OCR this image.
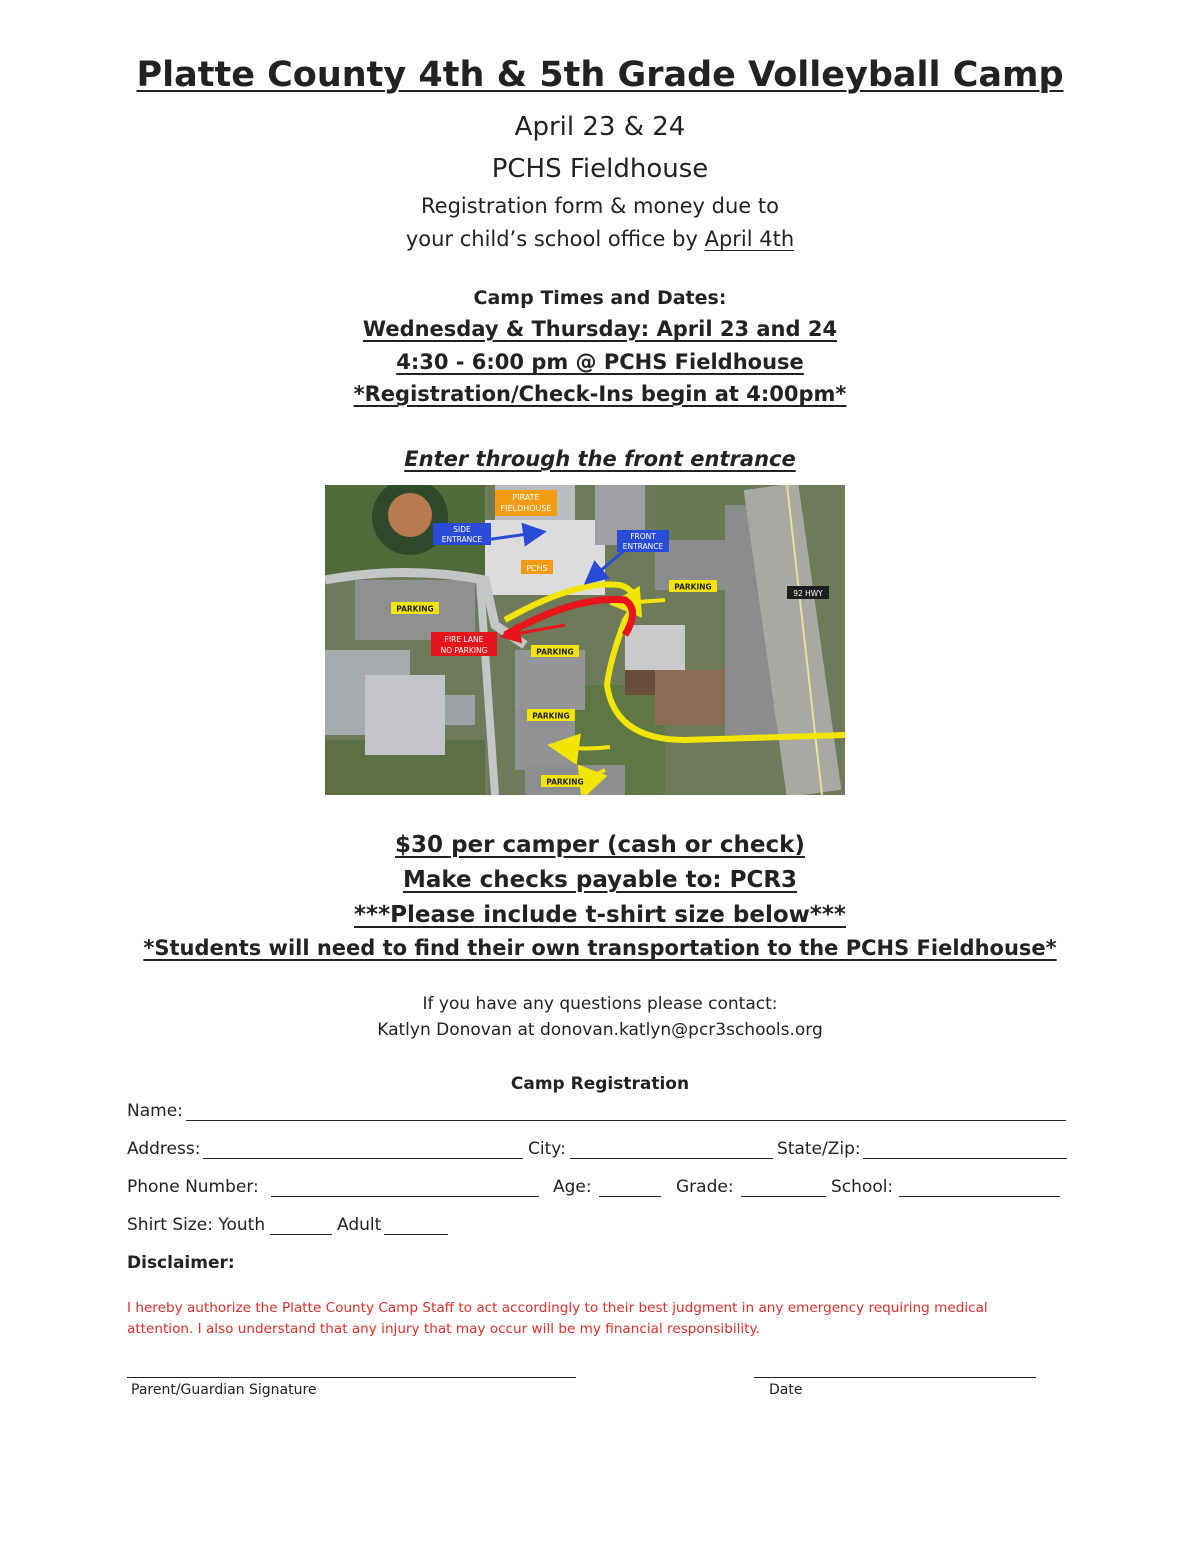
Platte County 4th & 5th Grade Volleyball Camp
April 23 & 24
PCHS Fieldhouse
Registration form & money due to
your child’s school office by April 4th
Camp Times and Dates:
Wednesday & Thursday: April 23 and 24
4:30 - 6:00 pm @ PCHS Fieldhouse
*Registration/Check-Ins begin at 4:00pm*
Enter through the front entrance
PIRATE
FIELDHOUSE
SIDE
ENTRANCE	FRONT
ENTRANCE
PCHS
92 HWY
FIRE LANE
NO PARKING
PARKING
PARKING
PARKING
PARKING
PARKING
$30 per camper (cash or check)
Make checks payable to: PCR3
***Please include t-shirt size below***
*Students will need to find their own transportation to the PCHS Fieldhouse*
If you have any questions please contact:
Katlyn Donovan at donovan.katlyn@pcr3schools.org
Camp Registration
Name:
Address:	City:	State/Zip:
Phone Number:	Age:	Grade:	School:
Shirt Size: Youth	Adult
Disclaimer:
I hereby authorize the Platte County Camp Staff to act accordingly to their best judgment in any emergency requiring medical
attention. I also understand that any injury that may occur will be my financial responsibility.
Parent/Guardian Signature	Date
